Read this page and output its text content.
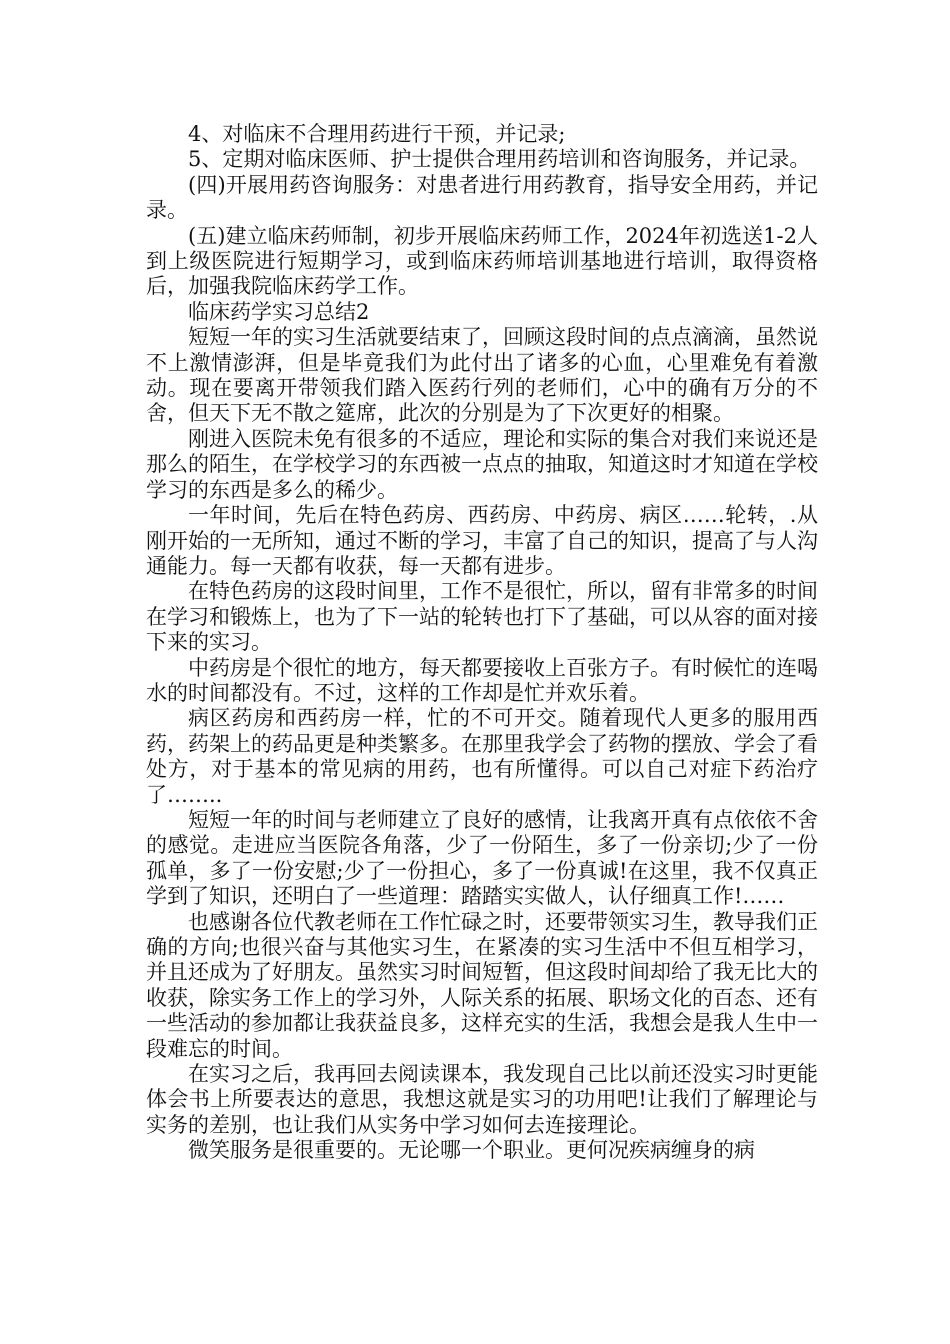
4、对临床不合理用药进行干预，并记录;

5、定期对临床医师、护士提供合理用药培训和咨询服务，并记录。

(四)开展用药咨询服务：对患者进行用药教育，指导安全用药，并记录。

(五)建立临床药师制，初步开展临床药师工作，2024年初选送1-2人到上级医院进行短期学习，或到临床药师培训基地进行培训，取得资格后，加强我院临床药学工作。

临床药学实习总结2

短短一年的实习生活就要结束了，回顾这段时间的点点滴滴，虽然说不上激情澎湃，但是毕竟我们为此付出了诸多的心血，心里难免有着激动。现在要离开带领我们踏入医药行列的老师们，心中的确有万分的不舍，但天下无不散之筵席，此次的分别是为了下次更好的相聚。

刚进入医院未免有很多的不适应，理论和实际的集合对我们来说还是那么的陌生，在学校学习的东西被一点点的抽取，知道这时才知道在学校学习的东西是多么的稀少。

一年时间，先后在特色药房、西药房、中药房、病区……轮转，.从刚开始的一无所知，通过不断的学习，丰富了自己的知识，提高了与人沟通能力。每一天都有收获，每一天都有进步。

在特色药房的这段时间里，工作不是很忙，所以，留有非常多的时间在学习和锻炼上，也为了下一站的轮转也打下了基础，可以从容的面对接下来的实习。

中药房是个很忙的地方，每天都要接收上百张方子。有时候忙的连喝水的时间都没有。不过，这样的工作却是忙并欢乐着。

病区药房和西药房一样，忙的不可开交。随着现代人更多的服用西药，药架上的药品更是种类繁多。在那里我学会了药物的摆放、学会了看处方，对于基本的常见病的用药，也有所懂得。可以自己对症下药治疗了……..

短短一年的时间与老师建立了良好的感情，让我离开真有点依依不舍的感觉。走进应当医院各角落，少了一份陌生，多了一份亲切;少了一份孤单，多了一份安慰;少了一份担心，多了一份真诚!在这里，我不仅真正学到了知识，还明白了一些道理：踏踏实实做人，认仔细真工作!……

也感谢各位代教老师在工作忙碌之时，还要带领实习生，教导我们正确的方向;也很兴奋与其他实习生，在紧凑的实习生活中不但互相学习，并且还成为了好朋友。虽然实习时间短暂，但这段时间却给了我无比大的收获，除实务工作上的学习外，人际关系的拓展、职场文化的百态、还有一些活动的参加都让我获益良多，这样充实的生活，我想会是我人生中一段难忘的时间。

在实习之后，我再回去阅读课本，我发现自己比以前还没实习时更能体会书上所要表达的意思，我想这就是实习的功用吧!让我们了解理论与实务的差别，也让我们从实务中学习如何去连接理论。

微笑服务是很重要的。无论哪一个职业。更何况疾病缠身的病
